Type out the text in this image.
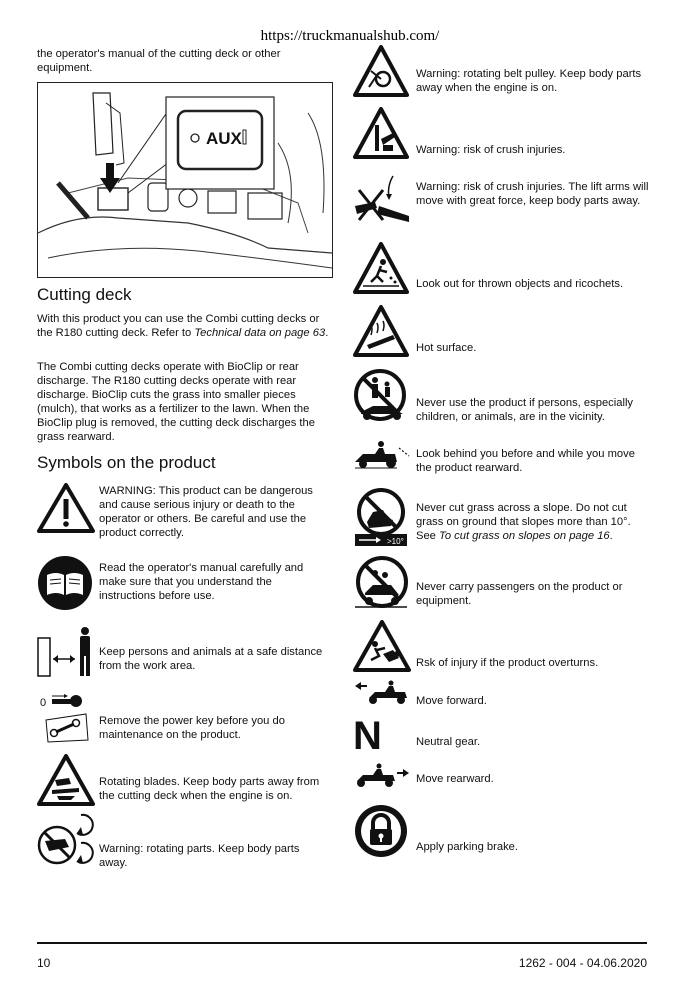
https://truckmanualshub.com/
the operator's manual of the cutting deck or other equipment.
AUX
Cutting deck
With this product you can use the Combi cutting decks or the R180 cutting deck. Refer to Technical data on page 63.
The Combi cutting decks operate with BioClip or rear discharge. The R180 cutting decks operate with rear discharge. BioClip cuts the grass into smaller pieces (mulch), that works as a fertilizer to the lawn. When the BioClip plug is removed, the cutting deck discharges the grass rearward.
Symbols on the product
WARNING: This product can be dangerous and cause serious injury or death to the operator or others. Be careful and use the product correctly.
Read the operator's manual carefully and make sure that you understand the instructions before use.
Keep persons and animals at a safe distance from the work area.
0
Remove the power key before you do maintenance on the product.
Rotating blades. Keep body parts away from the cutting deck when the engine is on.
Warning: rotating parts. Keep body parts away.
Warning: rotating belt pulley. Keep body parts away when the engine is on.
Warning: risk of crush injuries.
Warning: risk of crush injuries. The lift arms will move with great force, keep body parts away.
Look out for thrown objects and ricochets.
Hot surface.
Never use the product if persons, especially children, or animals, are in the vicinity.
Look behind you before and while you move the product rearward.
>10°
Never cut grass across a slope. Do not cut grass on ground that slopes more than 10°. See To cut grass on slopes on page 16.
Never carry passengers on the product or equipment.
Rsk of injury if the product overturns.
Move forward.
N	Neutral gear.
Move rearward.
Apply parking brake.
10	1262 - 004 - 04.06.2020
